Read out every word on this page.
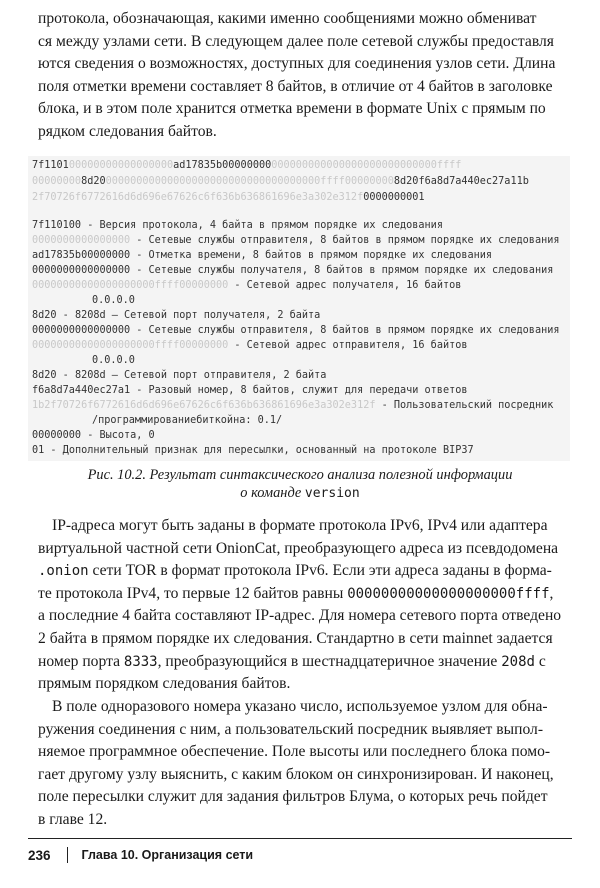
протокола, обозначающая, какими именно сообщениями можно обмениват
ся между узлами сети. В следующем далее поле сетевой службы предоставля
ются сведения о возможностях, доступных для соединения узлов сети. Длина
поля отметки времени составляет 8 байтов, в отличие от 4 байтов в заголовке
блока, и в этом поле хранится отметка времени в формате Unix с прямым по
рядком следования байтов.
7f110100000000000000000ad17835b00000000000000000000000000000000000ffff
000000008d2000000000000000000000000000000000000ffff000000008d20f6a8d7a440ec27a11b
2f70726f6772616d6d696e67626c6f636b636861696e3a302e312f0000000001
7f110100 - Версия протокола, 4 байта в прямом порядке их следования
0000000000000000 - Сетевые службы отправителя, 8 байтов в прямом порядке их следования
ad17835b00000000 - Отметка времени, 8 байтов в прямом порядке их следования
0000000000000000 - Сетевые службы получателя, 8 байтов в прямом порядке их следования
00000000000000000000ffff00000000 - Сетевой адрес получателя, 16 байтов
0.0.0.0
8d20 - 8208d — Сетевой порт получателя, 2 байта
0000000000000000 - Сетевые службы отправителя, 8 байтов в прямом порядке их следования
00000000000000000000ffff00000000 - Сетевой адрес отправителя, 16 байтов
0.0.0.0
8d20 - 8208d — Сетевой порт отправителя, 2 байта
f6a8d7a440ec27a1 - Разовый номер, 8 байтов, служит для передачи ответов
1b2f70726f6772616d6d696e67626c6f636b636861696e3a302e312f - Пользовательский посредник
/программированиебиткойна: 0.1/
00000000 - Высота, 0
01 - Дополнительный признак для пересылки, основанный на протоколе BIP37
Рис. 10.2. Результат синтаксического анализа полезной информации
о команде version
IP-адреса могут быть заданы в формате протокола IPv6, IPv4 или адаптера
виртуальной частной сети OnionCat, преобразующего адреса из псевдодомена
.onion сети TOR в формат протокола IPv6. Если эти адреса заданы в форма-
те протокола IPv4, то первые 12 байтов равны 00000000000000000000ffff,
а последние 4 байта составляют IP-адрес. Для номера сетевого порта отведено
2 байта в прямом порядке их следования. Стандартно в сети mainnet задается
номер порта 8333, преобразующийся в шестнадцатеричное значение 208d с
прямым порядком следования байтов.
В поле одноразового номера указано число, используемое узлом для обна-
ружения соединения с ним, а пользовательский посредник выявляет выпол-
няемое программное обеспечение. Поле высоты или последнего блока помо-
гает другому узлу выяснить, с каким блоком он синхронизирован. И наконец,
поле пересылки служит для задания фильтров Блума, о которых речь пойдет
в главе 12.
236 Глава 10. Организация сети
